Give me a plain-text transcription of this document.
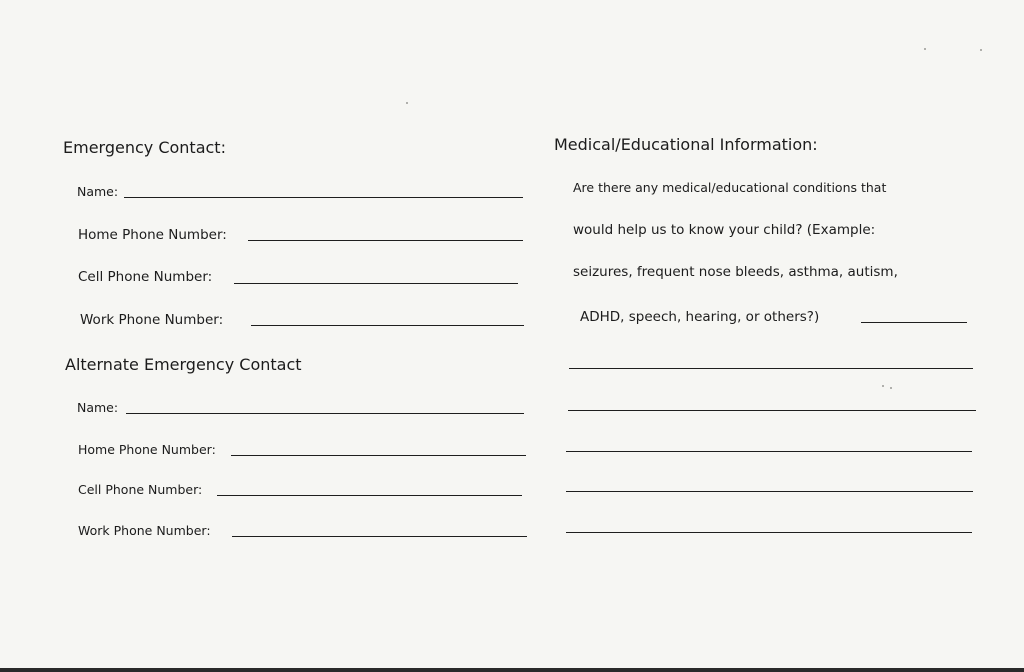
Emergency Contact:
Name:
Home Phone Number:
Cell Phone Number:
Work Phone Number:
Alternate Emergency Contact
Name:
Home Phone Number:
Cell Phone Number:
Work Phone Number:
Medical/Educational Information:
Are there any medical/educational conditions that
would help us to know your child? (Example:
seizures, frequent nose bleeds, asthma, autism,
ADHD, speech, hearing, or others?)
